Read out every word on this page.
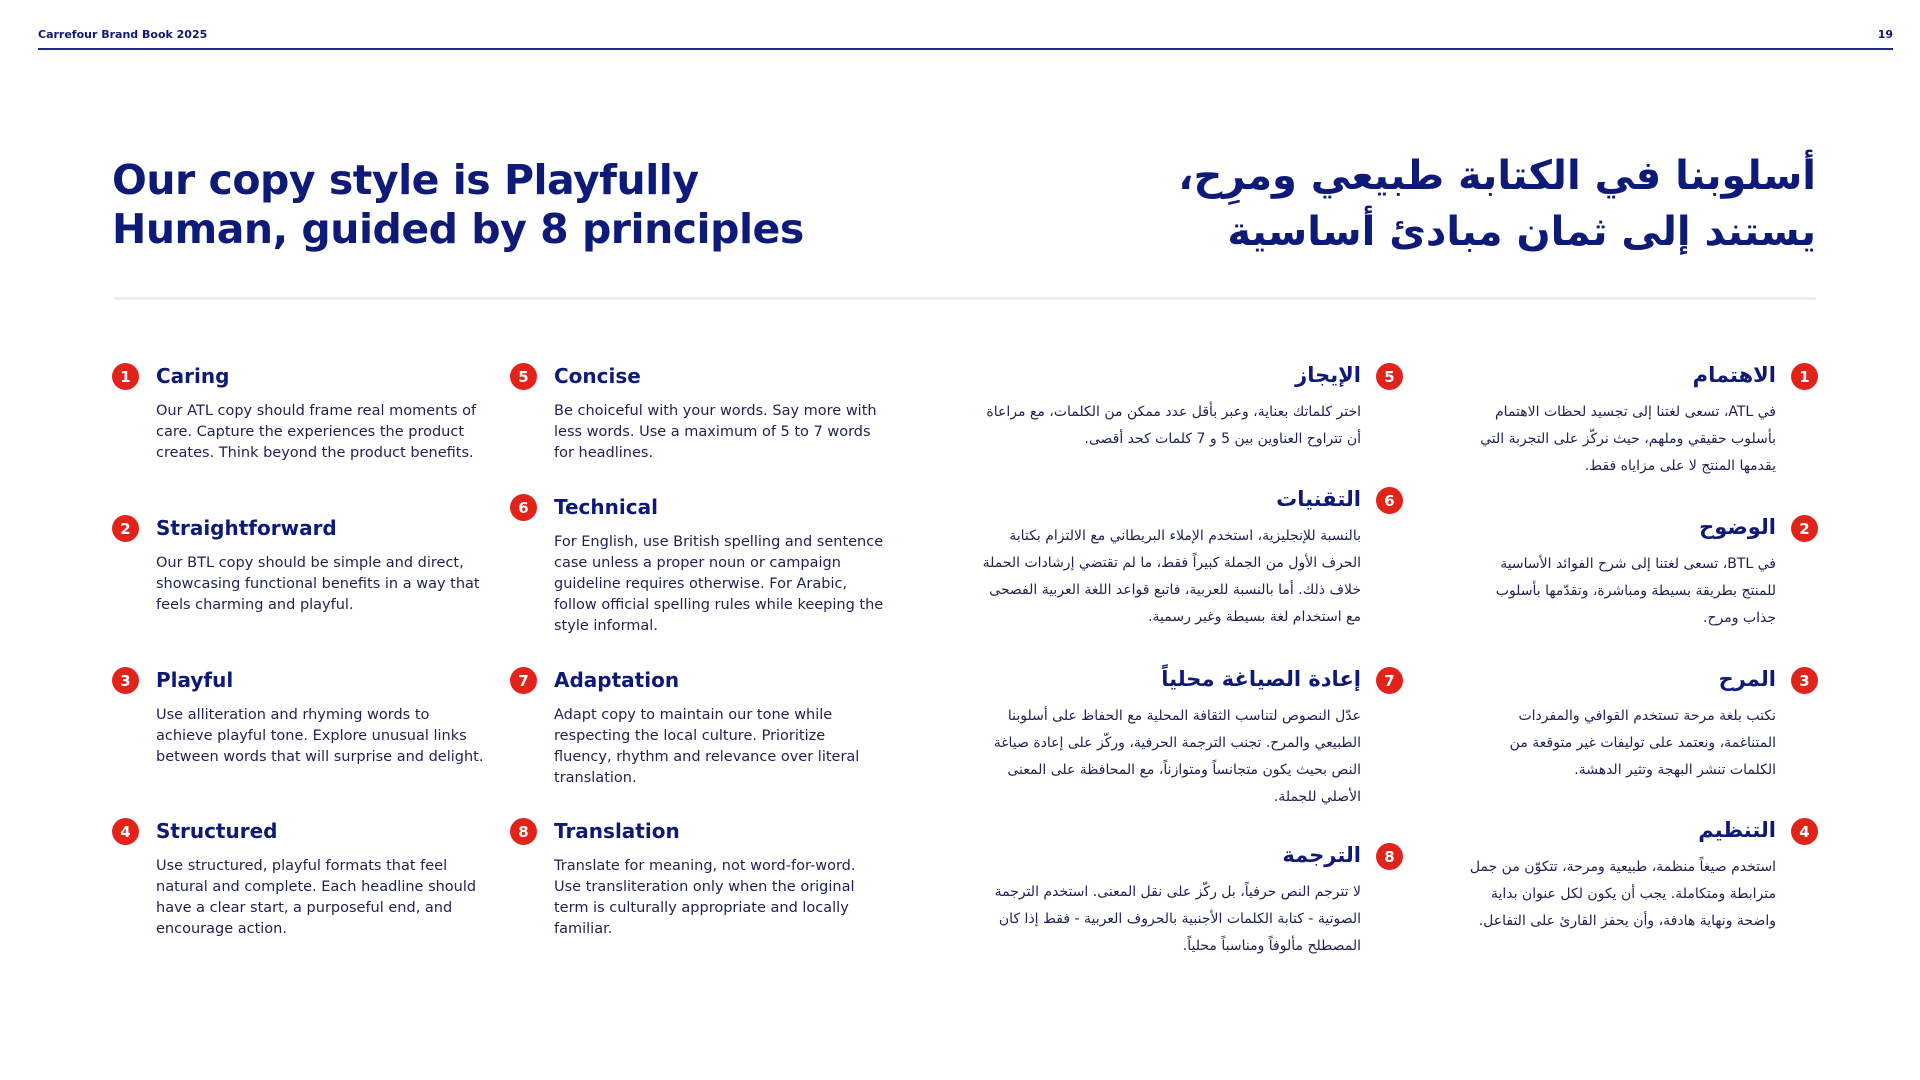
Carrefour Brand Book 2025	19
Our copy style is Playfully Human, guided by 8 principles
أسلوبنا في الكتابة طبيعي ومرِح، يستند إلى ثمان مبادئ أساسية
1	Caring

Our ATL copy should frame real moments of care. Capture the experiences the product creates. Think beyond the product benefits.

2	Straightforward

Our BTL copy should be simple and direct, showcasing functional benefits in a way that feels charming and playful.

3	Playful

Use alliteration and rhyming words to achieve playful tone. Explore unusual links between words that will surprise and delight.

4	Structured

Use structured, playful formats that feel natural and complete. Each headline should have a clear start, a purposeful end, and encourage action.

5	Concise

Be choiceful with your words. Say more with less words. Use a maximum of 5 to 7 words for headlines.

6	Technical

For English, use British spelling and sentence case unless a proper noun or campaign guideline requires otherwise. For Arabic, follow official spelling rules while keeping the style informal.

7	Adaptation

Adapt copy to maintain our tone while respecting the local culture. Prioritize fluency, rhythm and relevance over literal translation.

8	Translation

Translate for meaning, not word-for-word. Use transliteration only when the original term is culturally appropriate and locally familiar.

5
الإيجاز

اختر كلماتك بعناية، وعبر بأقل عدد ممكن من الكلمات، مع مراعاة أن تتراوح العناوين بين 5 و 7 كلمات كحد أقصى.

6
التقنيات

بالنسبة للإنجليزية، استخدم الإملاء البريطاني مع الالتزام بكتابة الحرف الأول من الجملة كبيراً فقط، ما لم تقتضي إرشادات الحملة خلاف ذلك. أما بالنسبة للعربية، فاتبع قواعد اللغة العربية الفصحى مع استخدام لغة بسيطة وغير رسمية.

7
إعادة الصياغة محلياً

عدّل النصوص لتناسب الثقافة المحلية مع الحفاظ على أسلوبنا الطبيعي والمرح. تجنب الترجمة الحرفية، وركّز على إعادة صياغة النص بحيث يكون متجانساً ومتوازناً، مع المحافظة على المعنى الأصلي للجملة.

8
الترجمة

لا تترجم النص حرفياً، بل ركّز على نقل المعنى. استخدم الترجمة الصوتية - كتابة الكلمات الأجنبية بالحروف العربية - فقط إذا كان المصطلح مألوفاً ومناسباً محلياً.

1
الاهتمام

في ATL، تسعى لغتنا إلى تجسيد لحظات الاهتمام بأسلوب حقيقي وملهم، حيث نركّز على التجربة التي يقدمها المنتج لا على مزاياه فقط.

2
الوضوح

في BTL، تسعى لغتنا إلى شرح الفوائد الأساسية للمنتج بطريقة بسيطة ومباشرة، وتقدّمها بأسلوب جذاب ومرح.

3
المرح

نكتب بلغة مرحة تستخدم القوافي والمفردات المتناغمة، ونعتمد على توليفات غير متوقعة من الكلمات تنشر البهجة وتثير الدهشة.

4
التنظيم

استخدم صيغاً منظمة، طبيعية ومرحة، تتكوّن من جمل مترابطة ومتكاملة. يجب أن يكون لكل عنوان بداية واضحة ونهاية هادفة، وأن يحفز القارئ على التفاعل.
